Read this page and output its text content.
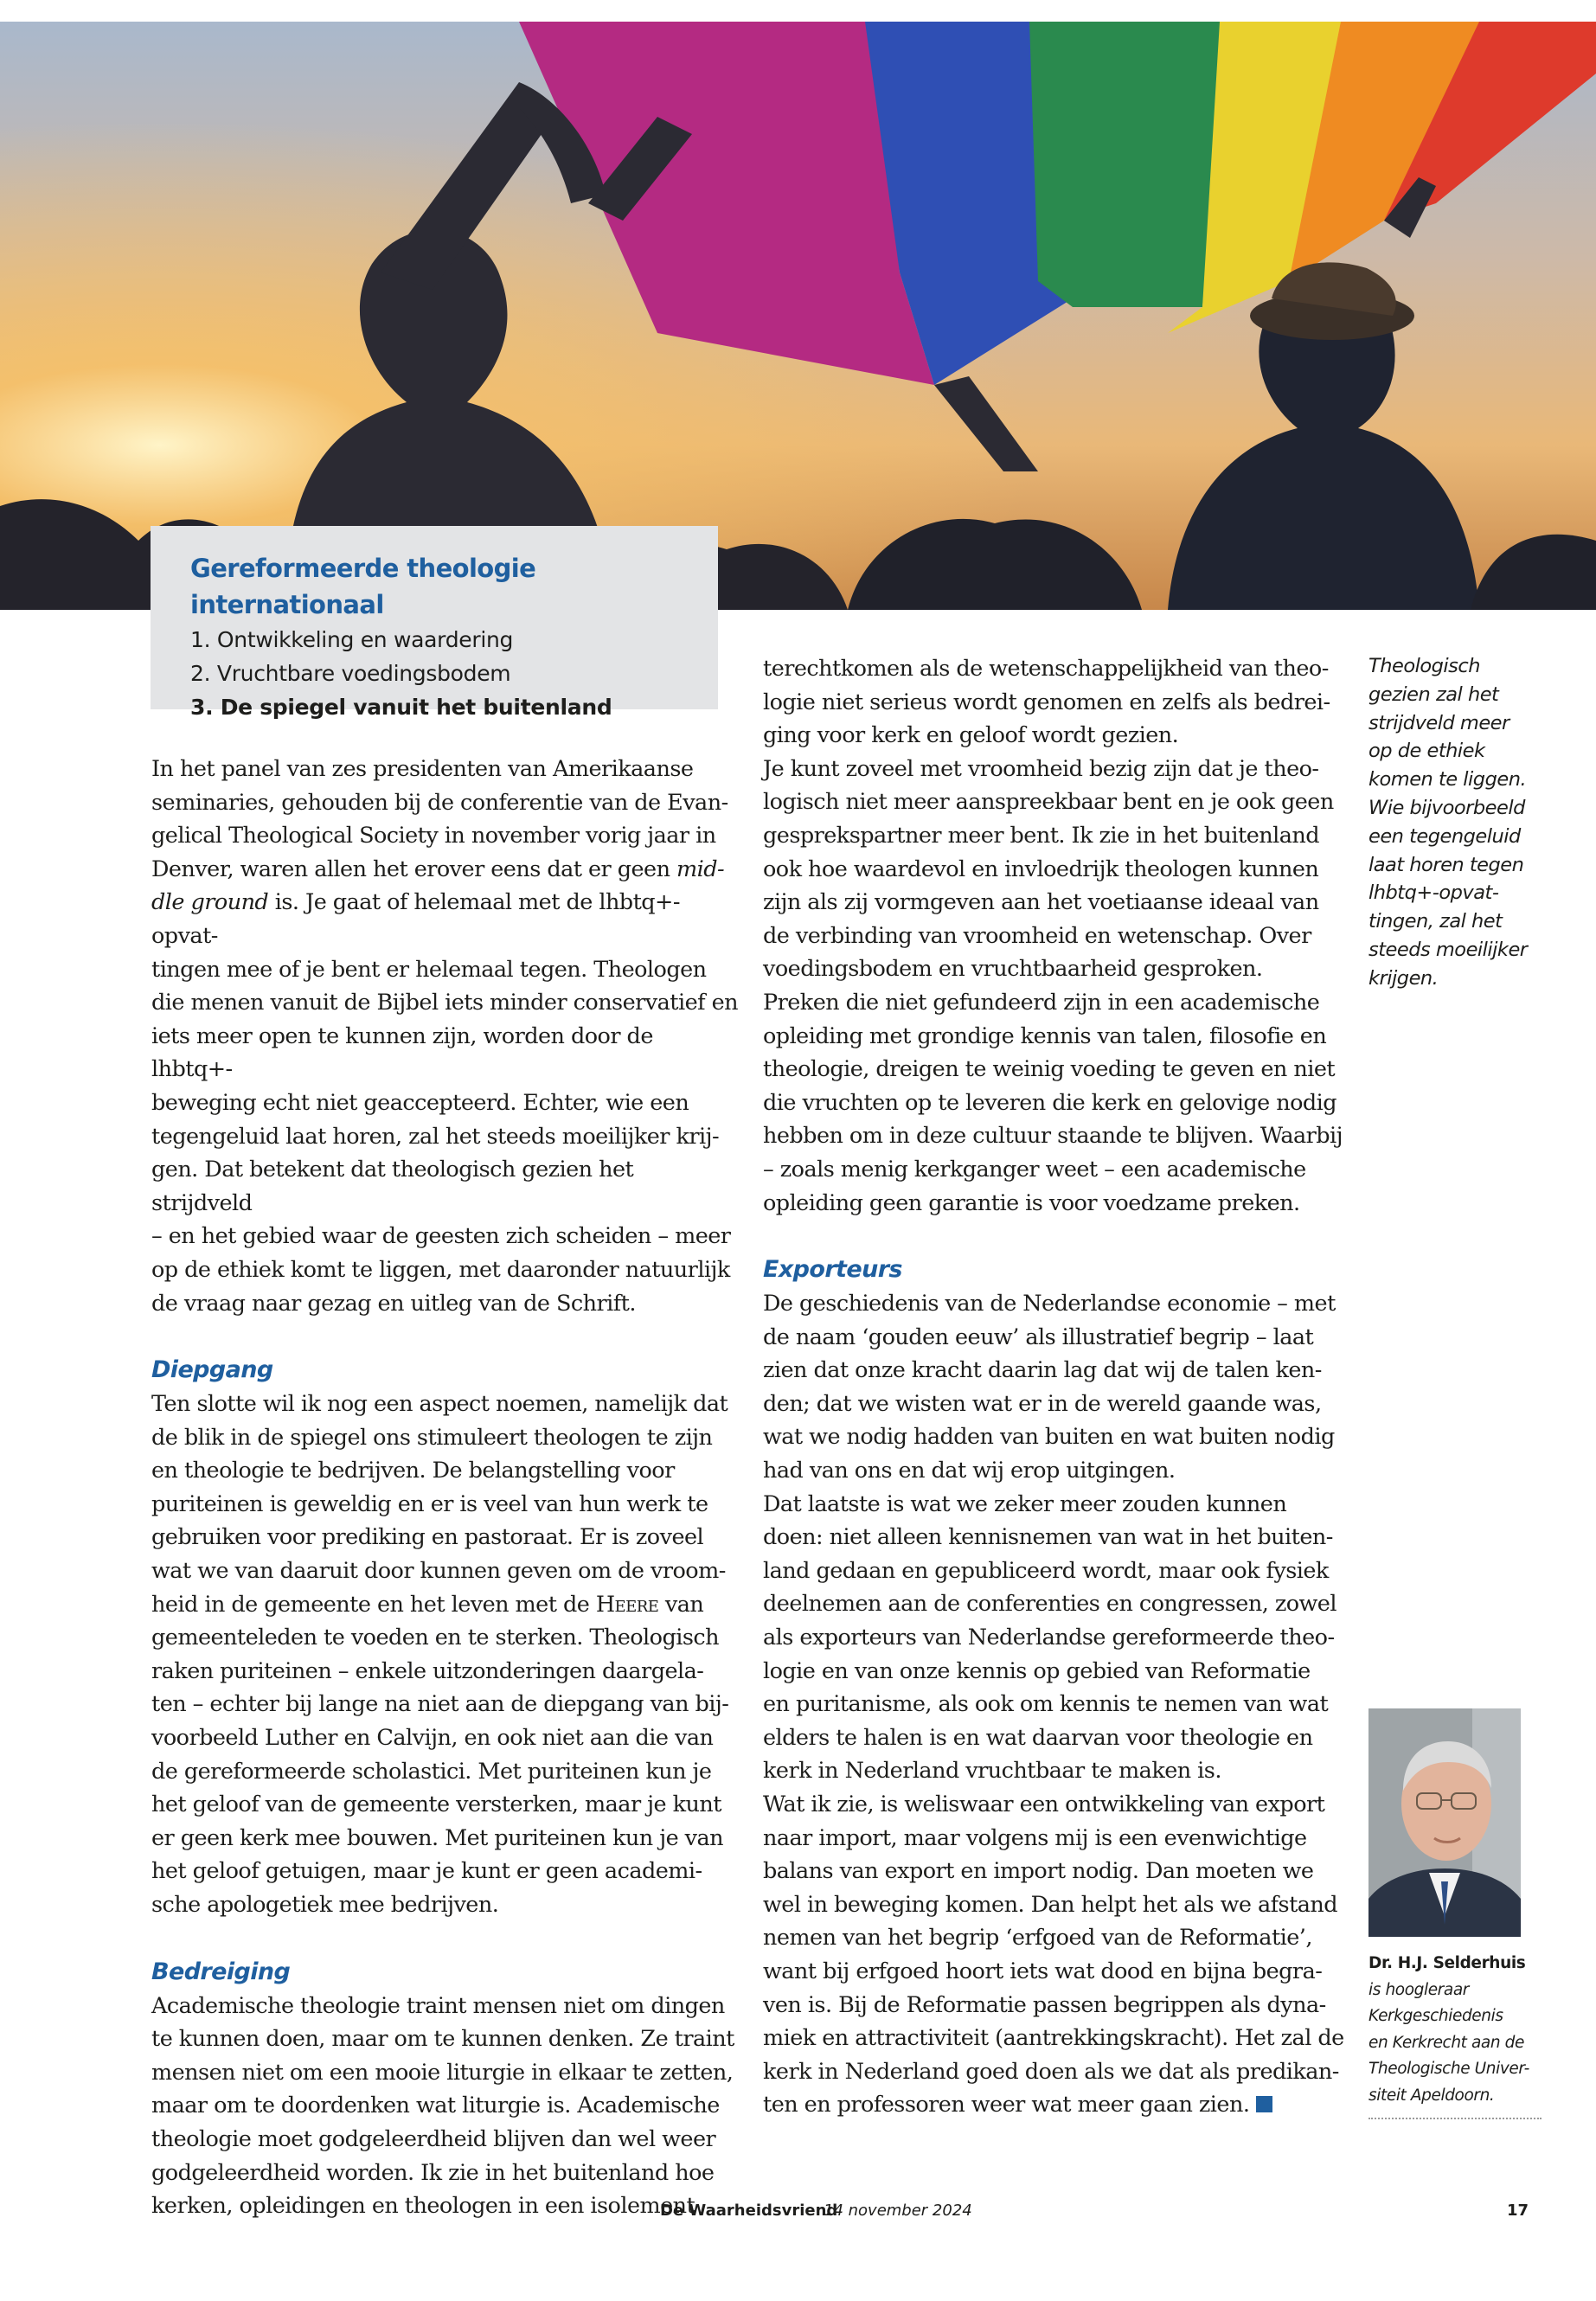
Gereformeerde theologie internationaal
1. Ontwikkeling en waardering
2. Vruchtbare voedingsbodem
3. De spiegel vanuit het buitenland

In het panel van zes presidenten van Amerikaanse

seminaries, gehouden bij de conferentie van de Evan-

gelical Theological Society in november vorig jaar in

Denver, waren allen het erover eens dat er geen mid-

dle ground is. Je gaat of helemaal met de lhbtq+-opvat-

tingen mee of je bent er helemaal tegen. Theologen

die menen vanuit de Bijbel iets minder conservatief en

iets meer open te kunnen zijn, worden door de lhbtq+-

beweging echt niet geaccepteerd. Echter, wie een

tegengeluid laat horen, zal het steeds moeilijker krij-

gen. Dat betekent dat theologisch gezien het strijdveld

– en het gebied waar de geesten zich scheiden – meer

op de ethiek komt te liggen, met daaronder natuurlijk

de vraag naar gezag en uitleg van de Schrift.

Diepgang

Ten slotte wil ik nog een aspect noemen, namelijk dat

de blik in de spiegel ons stimuleert theologen te zijn

en theologie te bedrijven. De belangstelling voor

puriteinen is geweldig en er is veel van hun werk te

gebruiken voor prediking en pastoraat. Er is zoveel

wat we van daaruit door kunnen geven om de vroom-

heid in de gemeente en het leven met de Heere van

gemeenteleden te voeden en te sterken. Theologisch

raken puriteinen – enkele uitzonderingen daargela-

ten – echter bij lange na niet aan de diepgang van bij-

voorbeeld Luther en Calvijn, en ook niet aan die van

de gereformeerde scholastici. Met puriteinen kun je

het geloof van de gemeente versterken, maar je kunt

er geen kerk mee bouwen. Met puriteinen kun je van

het geloof getuigen, maar je kunt er geen academi-

sche apologetiek mee bedrijven.

Bedreiging

Academische theologie traint mensen niet om dingen

te kunnen doen, maar om te kunnen denken. Ze traint

mensen niet om een mooie liturgie in elkaar te zetten,

maar om te doordenken wat liturgie is. Academische

theologie moet godgeleerdheid blijven dan wel weer

godgeleerdheid worden. Ik zie in het buitenland hoe

kerken, opleidingen en theologen in een isolement

terechtkomen als de wetenschappelijkheid van theo-

logie niet serieus wordt genomen en zelfs als bedrei-

ging voor kerk en geloof wordt gezien.

Je kunt zoveel met vroomheid bezig zijn dat je theo-

logisch niet meer aanspreekbaar bent en je ook geen

gesprekspartner meer bent. Ik zie in het buitenland

ook hoe waardevol en invloedrijk theologen kunnen

zijn als zij vormgeven aan het voetiaanse ideaal van

de verbinding van vroomheid en wetenschap. Over

voedingsbodem en vruchtbaarheid gesproken.

Preken die niet gefundeerd zijn in een academische

opleiding met grondige kennis van talen, filosofie en

theologie, dreigen te weinig voeding te geven en niet

die vruchten op te leveren die kerk en gelovige nodig

hebben om in deze cultuur staande te blijven. Waarbij

– zoals menig kerkganger weet – een academische

opleiding geen garantie is voor voedzame preken.

Exporteurs

De geschiedenis van de Nederlandse economie – met

de naam ‘gouden eeuw’ als illustratief begrip – laat

zien dat onze kracht daarin lag dat wij de talen ken-

den; dat we wisten wat er in de wereld gaande was,

wat we nodig hadden van buiten en wat buiten nodig

had van ons en dat wij erop uitgingen.

Dat laatste is wat we zeker meer zouden kunnen

doen: niet alleen kennisnemen van wat in het buiten-

land gedaan en gepubliceerd wordt, maar ook fysiek

deelnemen aan de conferenties en congressen, zowel

als exporteurs van Nederlandse gereformeerde theo-

logie en van onze kennis op gebied van Reformatie

en puritanisme, als ook om kennis te nemen van wat

elders te halen is en wat daarvan voor theologie en

kerk in Nederland vruchtbaar te maken is.

Wat ik zie, is weliswaar een ontwikkeling van export

naar import, maar volgens mij is een evenwichtige

balans van export en import nodig. Dan moeten we

wel in beweging komen. Dan helpt het als we afstand

nemen van het begrip ‘erfgoed van de Reformatie’,

want bij erfgoed hoort iets wat dood en bijna begra-

ven is. Bij de Reformatie passen begrippen als dyna-

miek en attractiviteit (aantrekkingskracht). Het zal de

kerk in Nederland goed doen als we dat als predikan-

ten en professoren weer wat meer gaan zien.

Theologisch
gezien zal het
strijdveld meer
op de ethiek
komen te liggen.
Wie bijvoorbeeld
een tegengeluid
laat horen tegen
lhbtq+-opvat-
tingen, zal het
steeds moeilijker
krijgen.
Dr. H.J. Selderhuis
is hoogleraar
Kerkgeschiedenis
en Kerkrecht aan de
Theologische Univer-
siteit Apeldoorn.
De Waarheidsvriend
14 november 2024	17
